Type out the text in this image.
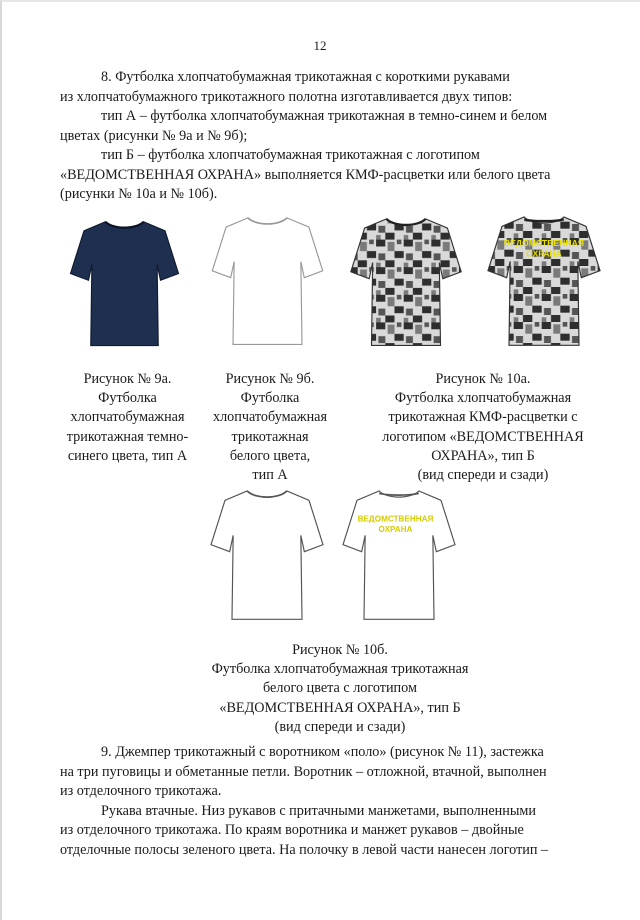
12
8. Футболка хлопчатобумажная трикотажная с короткими рукавами
из хлопчатобумажного трикотажного полотна изготавливается двух типов:
тип А – футболка хлопчатобумажная трикотажная в темно-синем и белом
цветах (рисунки № 9а и № 9б);
тип Б – футболка хлопчатобумажная трикотажная с логотипом
«ВЕДОМСТВЕННАЯ ОХРАНА» выполняется КМФ-расцветки или белого цвета
(рисунки № 10а и № 10б).
ВЕДОМСТВЕННАЯ
ОХРАНА
Рисунок № 9а.
Футболка
хлопчатобумажная
трикотажная темно-
синего цвета, тип А
Рисунок № 9б.
Футболка
хлопчатобумажная
трикотажная
белого цвета,
тип А
Рисунок № 10а.
Футболка хлопчатобумажная
трикотажная КМФ-расцветки с
логотипом «ВЕДОМСТВЕННАЯ
ОХРАНА», тип Б
(вид спереди и сзади)
ВЕДОМСТВЕННАЯ
ОХРАНА
Рисунок № 10б.
Футболка хлопчатобумажная трикотажная
белого цвета с логотипом
«ВЕДОМСТВЕННАЯ ОХРАНА», тип Б
(вид спереди и сзади)
9. Джемпер трикотажный с воротником «поло» (рисунок № 11), застежка
на три пуговицы и обметанные петли. Воротник – отложной, втачной, выполнен
из отделочного трикотажа.
Рукава втачные. Низ рукавов с притачными манжетами, выполненными
из отделочного трикотажа. По краям воротника и манжет рукавов – двойные
отделочные полосы зеленого цвета. На полочку в левой части нанесен логотип –
